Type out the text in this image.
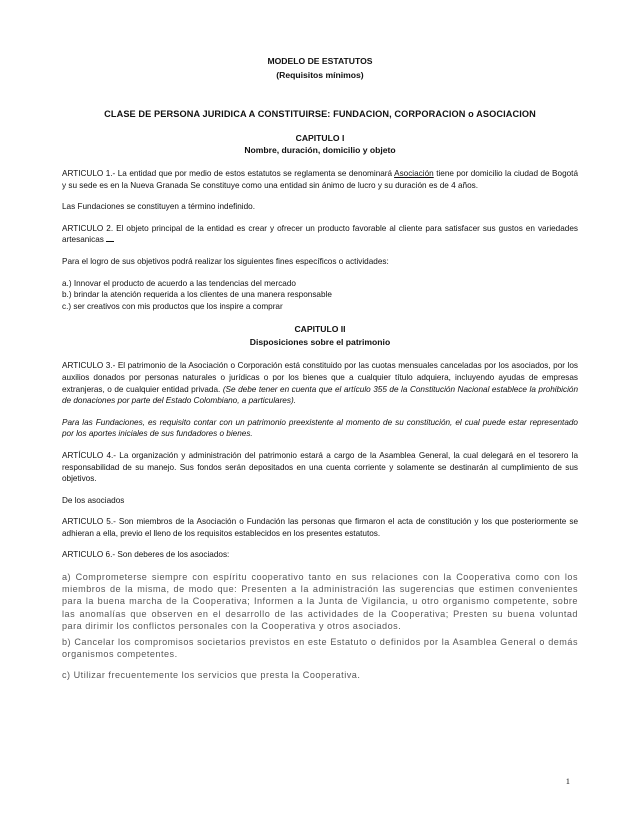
MODELO DE ESTATUTOS
(Requisitos mínimos)
CLASE DE PERSONA JURIDICA A CONSTITUIRSE: FUNDACION, CORPORACION o ASOCIACION
CAPITULO I
Nombre, duración, domicilio y objeto

ARTICULO 1.- La entidad que por medio de estos estatutos se reglamenta se denominará Asociación tiene por domicilio la ciudad de Bogotá y su sede es en la Nueva Granada Se constituye como una entidad sin ánimo de lucro y su duración es de 4 años.

Las Fundaciones se constituyen a término indefinido.

ARTICULO 2. El objeto principal de la entidad es crear y ofrecer un producto favorable al cliente para satisfacer sus gustos en variedades artesanicas

Para el logro de sus objetivos podrá realizar los siguientes fines específicos o actividades:

a.) Innovar el producto de acuerdo a las tendencias del mercado

b.) brindar la atención requerida a los clientes de una manera responsable

c.) ser creativos con mis productos que los inspire a comprar

CAPITULO II
Disposiciones sobre el patrimonio

ARTICULO 3.- El patrimonio de la Asociación o Corporación está constituido por las cuotas mensuales canceladas por los asociados, por los auxilios donados por personas naturales o jurídicas o por los bienes que a cualquier título adquiera, incluyendo ayudas de empresas extranjeras, o de cualquier entidad privada. (Se debe tener en cuenta que el artículo 355 de la Constitución Nacional establece la prohibición de donaciones por parte del Estado Colombiano, a particulares).

Para las Fundaciones, es requisito contar con un patrimonio preexistente al momento de su constitución, el cual puede estar representado por los aportes iniciales de sus fundadores o bienes.

ARTÍCULO 4.- La organización y administración del patrimonio estará a cargo de la Asamblea General, la cual delegará en el tesorero la responsabilidad de su manejo. Sus fondos serán depositados en una cuenta corriente y solamente se destinarán al cumplimiento de sus objetivos.

De los asociados

ARTICULO 5.- Son miembros de la Asociación o Fundación las personas que firmaron el acta de constitución y los que posteriormente se adhieran a ella, previo el lleno de los requisitos establecidos en los presentes estatutos.

ARTICULO 6.- Son deberes de los asociados:

a) Comprometerse siempre con espíritu cooperativo tanto en sus relaciones con la Cooperativa como con los miembros de la misma, de modo que: Presenten a la administración las sugerencias que estimen convenientes para la buena marcha de la Cooperativa; Informen a la Junta de Vigilancia, u otro organismo competente, sobre las anomalías que observen en el desarrollo de las actividades de la Cooperativa; Presten su buena voluntad para dirimir los conflictos personales con la Cooperativa y otros asociados.

b) Cancelar los compromisos societarios previstos en este Estatuto o definidos por la Asamblea General o demás organismos competentes.

c) Utilizar frecuentemente los servicios que presta la Cooperativa.

1
